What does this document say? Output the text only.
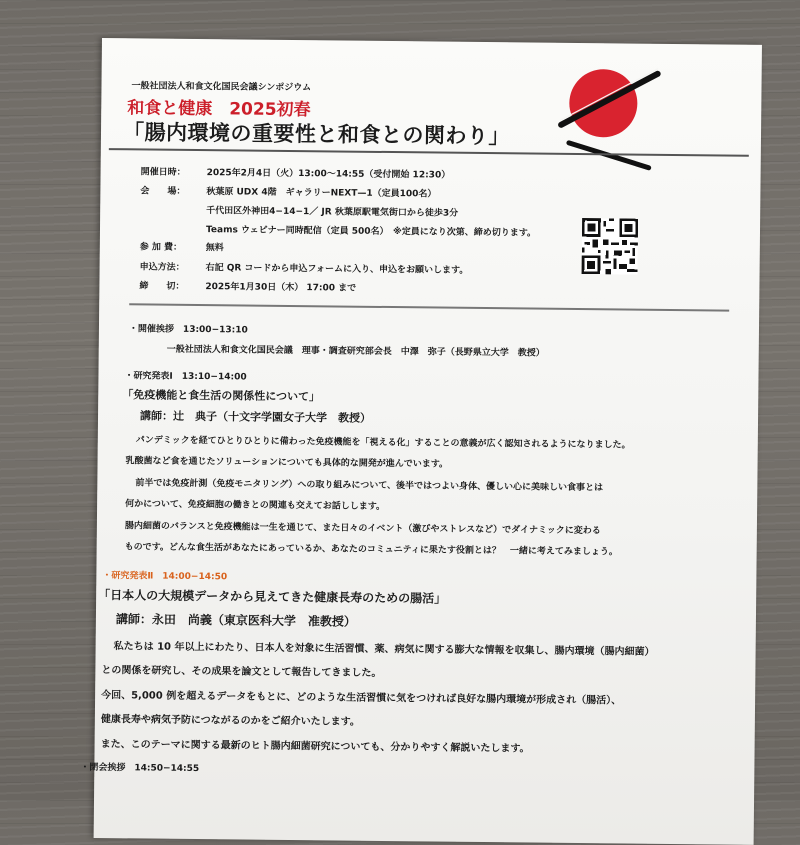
一般社団法人和食文化国民会議シンポジウム
和食と健康　2025初春
「腸内環境の重要性と和食との関わり」
開催日時：	2025年2月4日（火）13:00〜14:55（受付開始 12:30）
会　　場：	秋葉原 UDX 4階　ギャラリーNEXT—1（定員100名）
千代田区外神田4−14−1／ JR 秋葉原駅電気街口から徒歩3分
Teams ウェビナー同時配信（定員 500名）　※定員になり次第、締め切ります。
参 加 費：	無料
申込方法：	右記 QR コードから申込フォームに入り、申込をお願いします。
締　　切：	2025年1月30日（木） 17:00 まで
・開催挨拶　13:00−13:10
一般社団法人和食文化国民会議　理事・調査研究部会長　中澤　弥子（長野県立大学　教授）
・研究発表Ⅰ　13:10−14:00
「免疫機能と食生活の関係性について」
講師：辻　典子（十文字学園女子大学　教授）
パンデミックを経てひとりひとりに備わった免疫機能を「視える化」することの意義が広く認知されるようになりました。
乳酸菌など食を通じたソリューションについても具体的な開発が進んでいます。
前半では免疫計測（免疫モニタリング）への取り組みについて、後半ではつよい身体、優しい心に美味しい食事とは
何かについて、免疫細胞の働きとの関連も交えてお話しします。
腸内細菌のバランスと免疫機能は一生を通じて、また日々のイベント（激びやストレスなど）でダイナミックに変わる
ものです。どんな食生活があなたにあっているか、あなたのコミュニティに果たす役割とは？　一緒に考えてみましょう。
・研究発表Ⅱ　14:00−14:50
「日本人の大規模データから見えてきた健康長寿のための腸活」
講師：永田　尚義（東京医科大学　准教授）
私たちは 10 年以上にわたり、日本人を対象に生活習慣、薬、病気に関する膨大な情報を収集し、腸内環境（腸内細菌）
との関係を研究し、その成果を論文として報告してきました。
今回、5,000 例を超えるデータをもとに、どのような生活習慣に気をつければ良好な腸内環境が形成され（腸活）、
健康長寿や病気予防につながるのかをご紹介いたします。
また、このテーマに関する最新のヒト腸内細菌研究についても、分かりやすく解説いたします。
・閉会挨拶　14:50−14:55
